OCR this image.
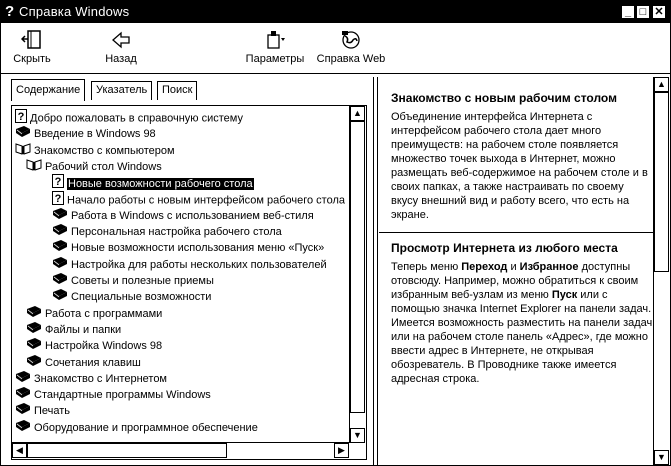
? Справка Windows	_ □ ✕
Скрыть	Назад	Параметры Справка Web
Содержание	Указатель	Поиск
? Добро пожаловать в справочную систему
Введение в Windows 98
Знакомство с компьютером
Рабочий стол Windows
? Новые возможности рабочего стола
? Начало работы с новым интерфейсом рабочего стола
Работа в Windows с использованием веб-стиля
Персональная настройка рабочего стола
Новые возможности использования меню «Пуск»
Настройка для работы нескольких пользователей
Советы и полезные приемы
Специальные возможности
Работа с программами
Файлы и папки
Настройка Windows 98
Сочетания клавиш
Знакомство с Интернетом
Стандартные программы Windows
Печать
Оборудование и программное обеспечение
▲
▼
◀	▶

Знакомство с новым рабочим столом

Объединение интерфейса Интернета с интерфейсом рабочего стола дает много преимуществ: на рабочем столе появляется множество точек выхода в Интернет, можно размещать веб-содержимое на рабочем столе и в своих папках, а также настраивать по своему вкусу внешний вид и работу всего, что есть на экране.

Просмотр Интернета из любого места

Теперь меню Переход и Избранное доступны отовсюду. Например, можно обратиться к своим избранным веб-узлам из меню Пуск или с помощью значка Internet Explorer на панели задач. Имеется возможность разместить на панели задач или на рабочем столе панель «Адрес», где можно ввести адрес в Интернете, не открывая обозреватель. В Проводнике также имеется адресная строка.

▲
▼
